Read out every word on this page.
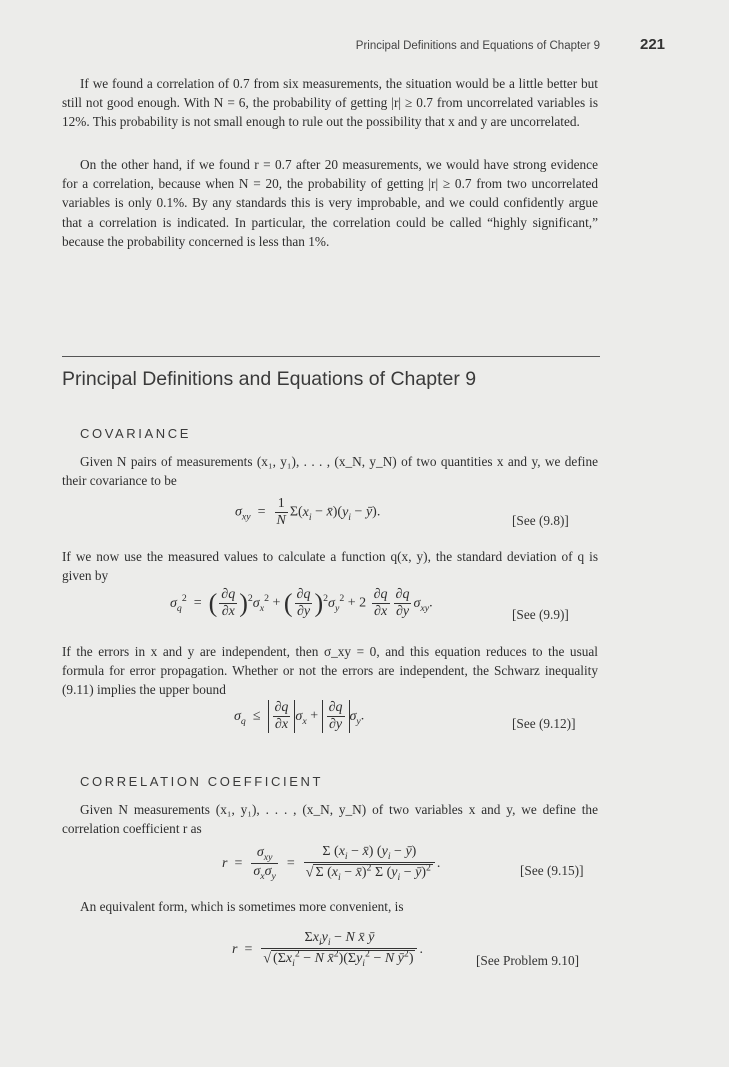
Principal Definitions and Equations of Chapter 9	221

If we found a correlation of 0.7 from six measurements, the situation would be a little better but still not good enough. With N = 6, the probability of getting |r| ≥ 0.7 from uncorrelated variables is 12%. This probability is not small enough to rule out the possibility that x and y are uncorrelated.

On the other hand, if we found r = 0.7 after 20 measurements, we would have strong evidence for a correlation, because when N = 20, the probability of getting |r| ≥ 0.7 from two uncorrelated variables is only 0.1%. By any standards this is very improbable, and we could confidently argue that a correlation is indicated. In particular, the correlation could be called “highly significant,” because the probability concerned is less than 1%.

Principal Definitions and Equations of Chapter 9
COVARIANCE

Given N pairs of measurements (x₁, y₁), . . . , (x_N, y_N) of two quantities x and y, we define their covariance to be

$\sigma_{xy} = \frac{1}{N} \Sigma(x_i$ − $x̄)(y_i$ − ȳ).
[See (9.8)]

If we now use the measured values to calculate a function q(x, y), the standard deviation of q is given by

$\sigma_q^2$  =  ( $\frac{\partial q}{\partial x} )^2\sigma_x^2$ + ( $\frac{\partial q}{\partial y} )^2\sigma_y^2 + 2 \frac{\partial q}{\partial x} \frac{\partial q}{\partial y} \sigma_{xy}$.
[See (9.9)]

If the errors in x and y are independent, then σ_xy = 0, and this equation reduces to the usual formula for error propagation. Whether or not the errors are independent, the Schwarz inequality (9.11) implies the upper bound

$\sigma_q \le \frac{\partial q}{\partial x} \sigma_x + \frac{\partial q}{\partial y} \sigma_y$.	[See (9.12)]
CORRELATION COEFFICIENT

Given N measurements (x₁, y₁), . . . , (x_N, y_N) of two variables x and y, we define the correlation coefficient r as

$r = \frac{\sigma_{xy}}{\sigma_x\sigma_y} = \frac{\Sigma (x_i - x̄) (y_i - ȳ)}{√ \Sigma (x_i - x̄)^2 \Sigma (y_i - ȳ)^2}$ .	[See (9.15)]

An equivalent form, which is sometimes more convenient, is

$r = \frac{\Sigma x_iy_i - N x̄ ȳ}{√ (\Sigma x_i^2 - N x̄^2)(\Sigma y_i^2 - N ȳ^2)}$ .
[See Problem 9.10]
